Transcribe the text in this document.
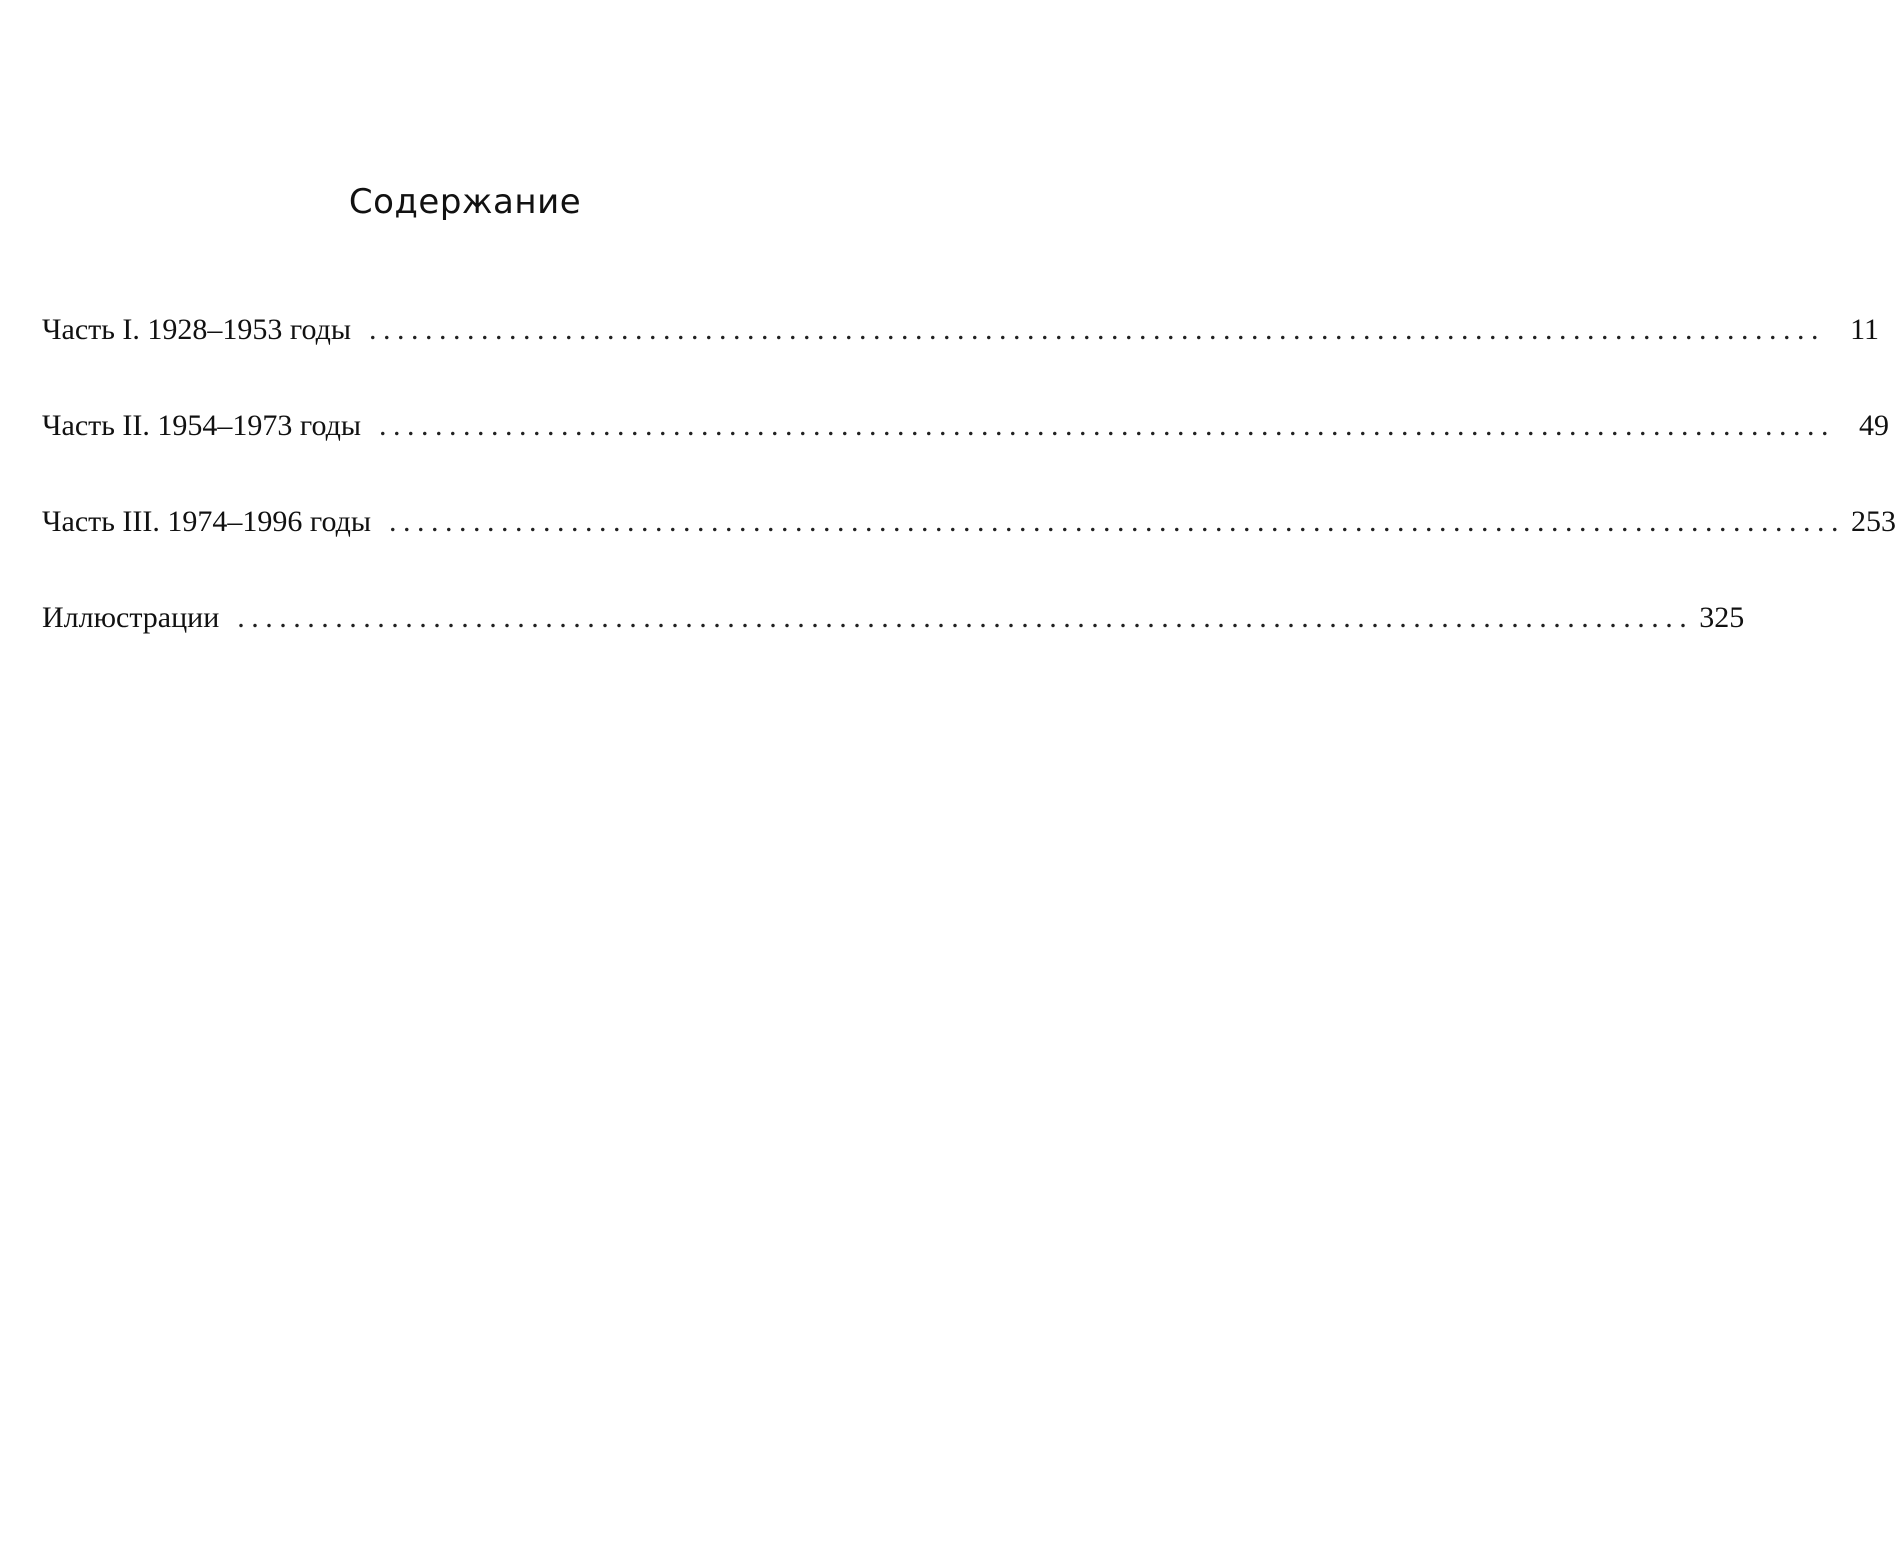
Содержание
Часть I. 1928–1953 годы ........................................................................................................ 11
Часть II. 1954–1973 годы ........................................................................................................ 49
Часть III. 1974–1996 годы ........................................................................................................ 253
Иллюстрации ........................................................................................................ 325
